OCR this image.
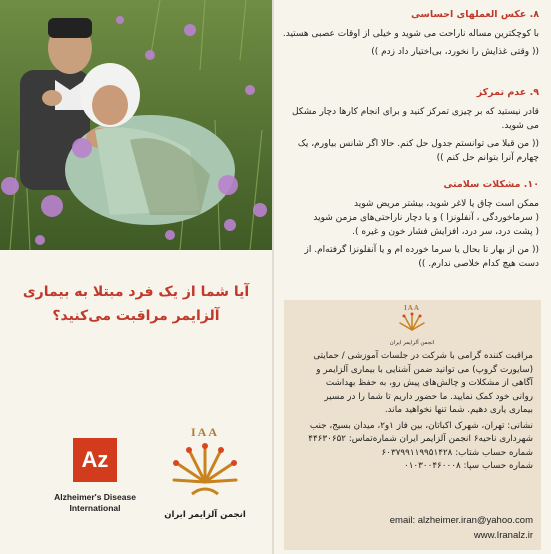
آیا شما از یک فرد مبتلا به بیماری
آلزایمر مراقبت می‌کنید؟
Az
Alzheimer's Disease
International
IAA
انجمن آلزایمر ایران

۸. عکس العملهای احساسی

با کوچکترین مساله ناراحت می شوید و خیلی از اوقات عصبی هستید.

(( وقتی غذایش را نخورد، بی‌اختیار داد زدم ))

۹. عدم تمرکز

قادر نیستید که بر چیزی تمرکز کنید و برای انجام کارها دچار مشکل می شوید.

(( من قبلا می توانستم جدول حل کنم. حالا اگر شانس بیاورم، یک چهارم آنرا بتوانم حل کنم ))

۱۰. مشکلات سلامتی

ممکن است چاق یا لاغر شوید، بیشتر مریض شوید

( سرماخوردگی ، آنفلونزا ) و یا دچار ناراحتی‌های مزمن شوید

( پشت درد، سر درد، افزایش فشار خون و غیره ).

(( من از بهار تا بحال یا سرما خورده ام و یا آنفلونزا گرفته‌ام. از

دست هیچ کدام خلاصی ندارم. ))

IAA
انجمن آلزایمر ایران

مراقبت کننده گرامی با شرکت در جلسات آموزشی / حمایتی

(سایورت گروپ) می توانید ضمن آشنایی با بیماری آلزایمر و

آگاهی از مشکلات و چالش‌های پیش رو، به حفظ بهداشت

روانی خود کمک نمایید. ما حضور داریم تا شما را در مسیر

بیماری یاری دهیم. شما تنها نخواهید ماند.

نشانی: تهران، شهرک اکباتان، بین فاز ۱و۲، میدان بسیج، جنب

شهرداری ناحیه۶ انجمن آلزایمر ایران شماره‌تماس: ۴۴۶۳۰۶۵۲

شماره حساب شتاب: ۶۰۳۷۹۹۱۱۹۹۵۱۴۲۸

شماره حساب سپا: ۰۱۰۳۰۰۴۶۰۰۰۸

email: alzheimer.iran@yahoo.com
www.Iranalz.ir
